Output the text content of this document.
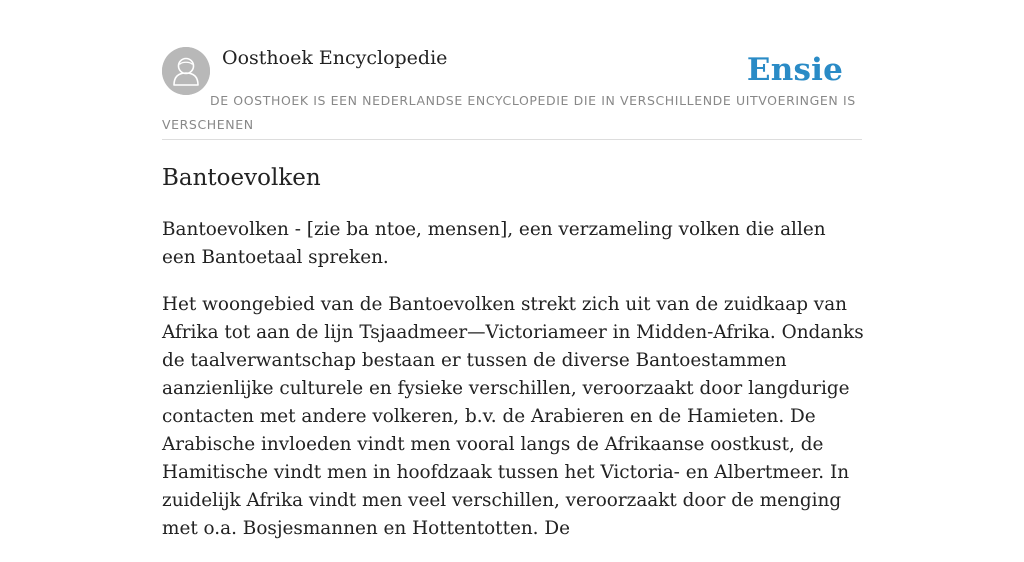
Oosthoek Encyclopedie	Ensie
DE OOSTHOEK IS EEN NEDERLANDSE ENCYCLOPEDIE DIE IN VERSCHILLENDE UITVOERINGEN IS VERSCHENEN
Bantoevolken

Bantoevolken - [zie ba ntoe, mensen], een verzameling volken die allen een Bantoetaal spreken.

Het woongebied van de Bantoevolken strekt zich uit van de zuidkaap van Afrika tot aan de lijn Tsjaadmeer—Victoriameer in Midden-Afrika. Ondanks de taalverwantschap bestaan er tussen de diverse Bantoestammen aanzienlijke culturele en fysieke verschillen, veroorzaakt door langdurige contacten met andere volkeren, b.v. de Arabieren en de Hamieten. De Arabische invloeden vindt men vooral langs de Afrikaanse oostkust, de Hamitische vindt men in hoofdzaak tussen het Victoria- en Albertmeer. In zuidelijk Afrika vindt men veel verschillen, veroorzaakt door de menging met o.a. Bosjesmannen en Hottentotten. De
